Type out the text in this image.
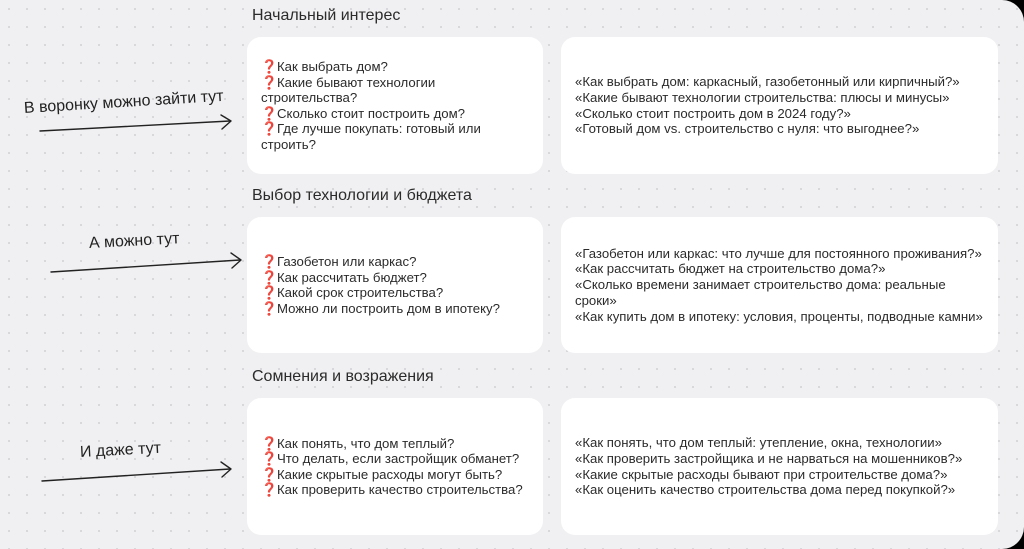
Начальный интерес
❓Как выбрать дом?
❓Какие бывают технологии строительства?
❓Сколько стоит построить дом?
❓Где лучше покупать: готовый или строить?
«Как выбрать дом: каркасный, газобетонный или кирпичный?»
«Какие бывают технологии строительства: плюсы и минусы»
«Сколько стоит построить дом в 2024 году?»
«Готовый дом vs. строительство с нуля: что выгоднее?»
Выбор технологии и бюджета
❓Газобетон или каркас?
❓Как рассчитать бюджет?
❓Какой срок строительства?
❓Можно ли построить дом в ипотеку?
«Газобетон или каркас: что лучше для постоянного проживания?»
«Как рассчитать бюджет на строительство дома?»
«Сколько времени занимает строительство дома: реальные сроки»
«Как купить дом в ипотеку: условия, проценты, подводные камни»
Сомнения и возражения
❓Как понять, что дом теплый?
❓Что делать, если застройщик обманет?
❓Какие скрытые расходы могут быть?
❓Как проверить качество строительства?
«Как понять, что дом теплый: утепление, окна, технологии»
«Как проверить застройщика и не нарваться на мошенников?»
«Какие скрытые расходы бывают при строительстве дома?»
«Как оценить качество строительства дома перед покупкой?»
В воронку можно зайти тут
А можно тут
И даже тут
